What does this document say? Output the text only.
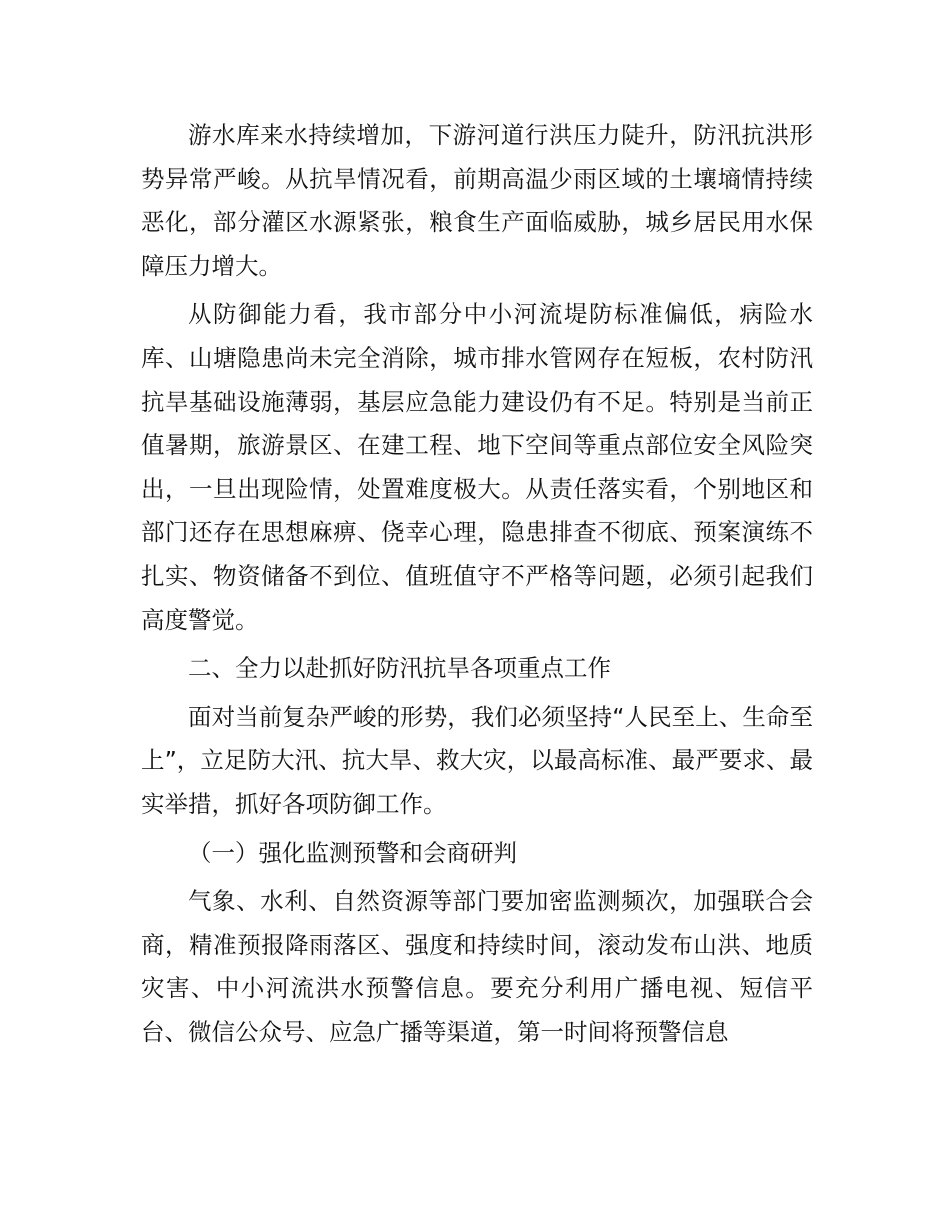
游水库来水持续增加，下游河道行洪压力陡升，防汛抗洪形势异常严峻。从抗旱情况看，前期高温少雨区域的土壤墒情持续恶化，部分灌区水源紧张，粮食生产面临威胁，城乡居民用水保障压力增大。

从防御能力看，我市部分中小河流堤防标准偏低，病险水库、山塘隐患尚未完全消除，城市排水管网存在短板，农村防汛抗旱基础设施薄弱，基层应急能力建设仍有不足。特别是当前正值暑期，旅游景区、在建工程、地下空间等重点部位安全风险突出，一旦出现险情，处置难度极大。从责任落实看，个别地区和部门还存在思想麻痹、侥幸心理，隐患排查不彻底、预案演练不扎实、物资储备不到位、值班值守不严格等问题，必须引起我们高度警觉。

二、全力以赴抓好防汛抗旱各项重点工作

面对当前复杂严峻的形势，我们必须坚持“人民至上、生命至上”，立足防大汛、抗大旱、救大灾，以最高标准、最严要求、最实举措，抓好各项防御工作。

（一）强化监测预警和会商研判

气象、水利、自然资源等部门要加密监测频次，加强联合会商，精准预报降雨落区、强度和持续时间，滚动发布山洪、地质灾害、中小河流洪水预警信息。要充分利用广播电视、短信平台、微信公众号、应急广播等渠道，第一时间将预警信息
